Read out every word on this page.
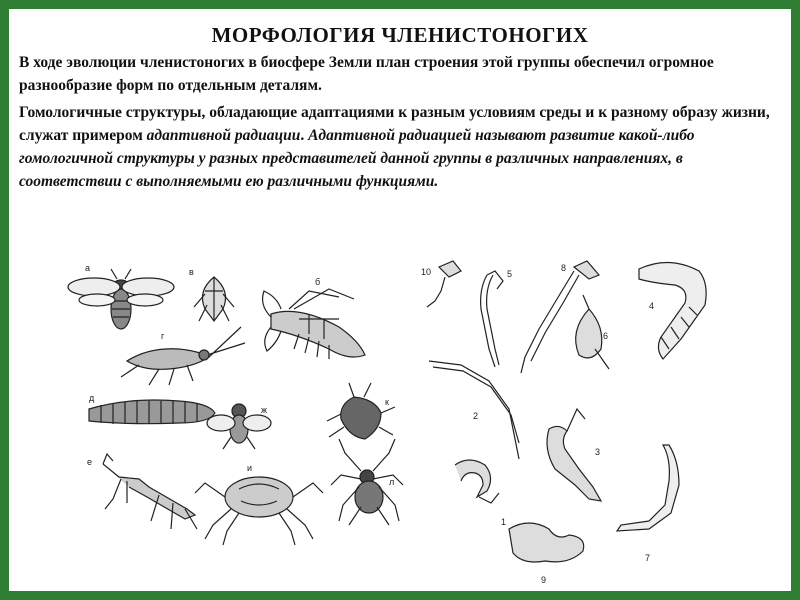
МОРФОЛОГИЯ ЧЛЕНИСТОНОГИХ
В ходе эволюции членистоногих в биосфере Земли план строения этой группы обеспечил огромное разнообразие форм по отдельным деталям.
Гомологичные структуры, обладающие адаптациями к разным условиям среды и к разному образу жизни, служат примером адаптивной радиации. Адаптивной радиацией называют развитие какой-либо гомологичной структуры у разных представителей данной группы в различных направлениях, в соответствии с выполняемыми ею различными функциями.
а	в
б
г
д
ж
к
е
и
л
10	5
8
4
6
2
3
1
7
9
